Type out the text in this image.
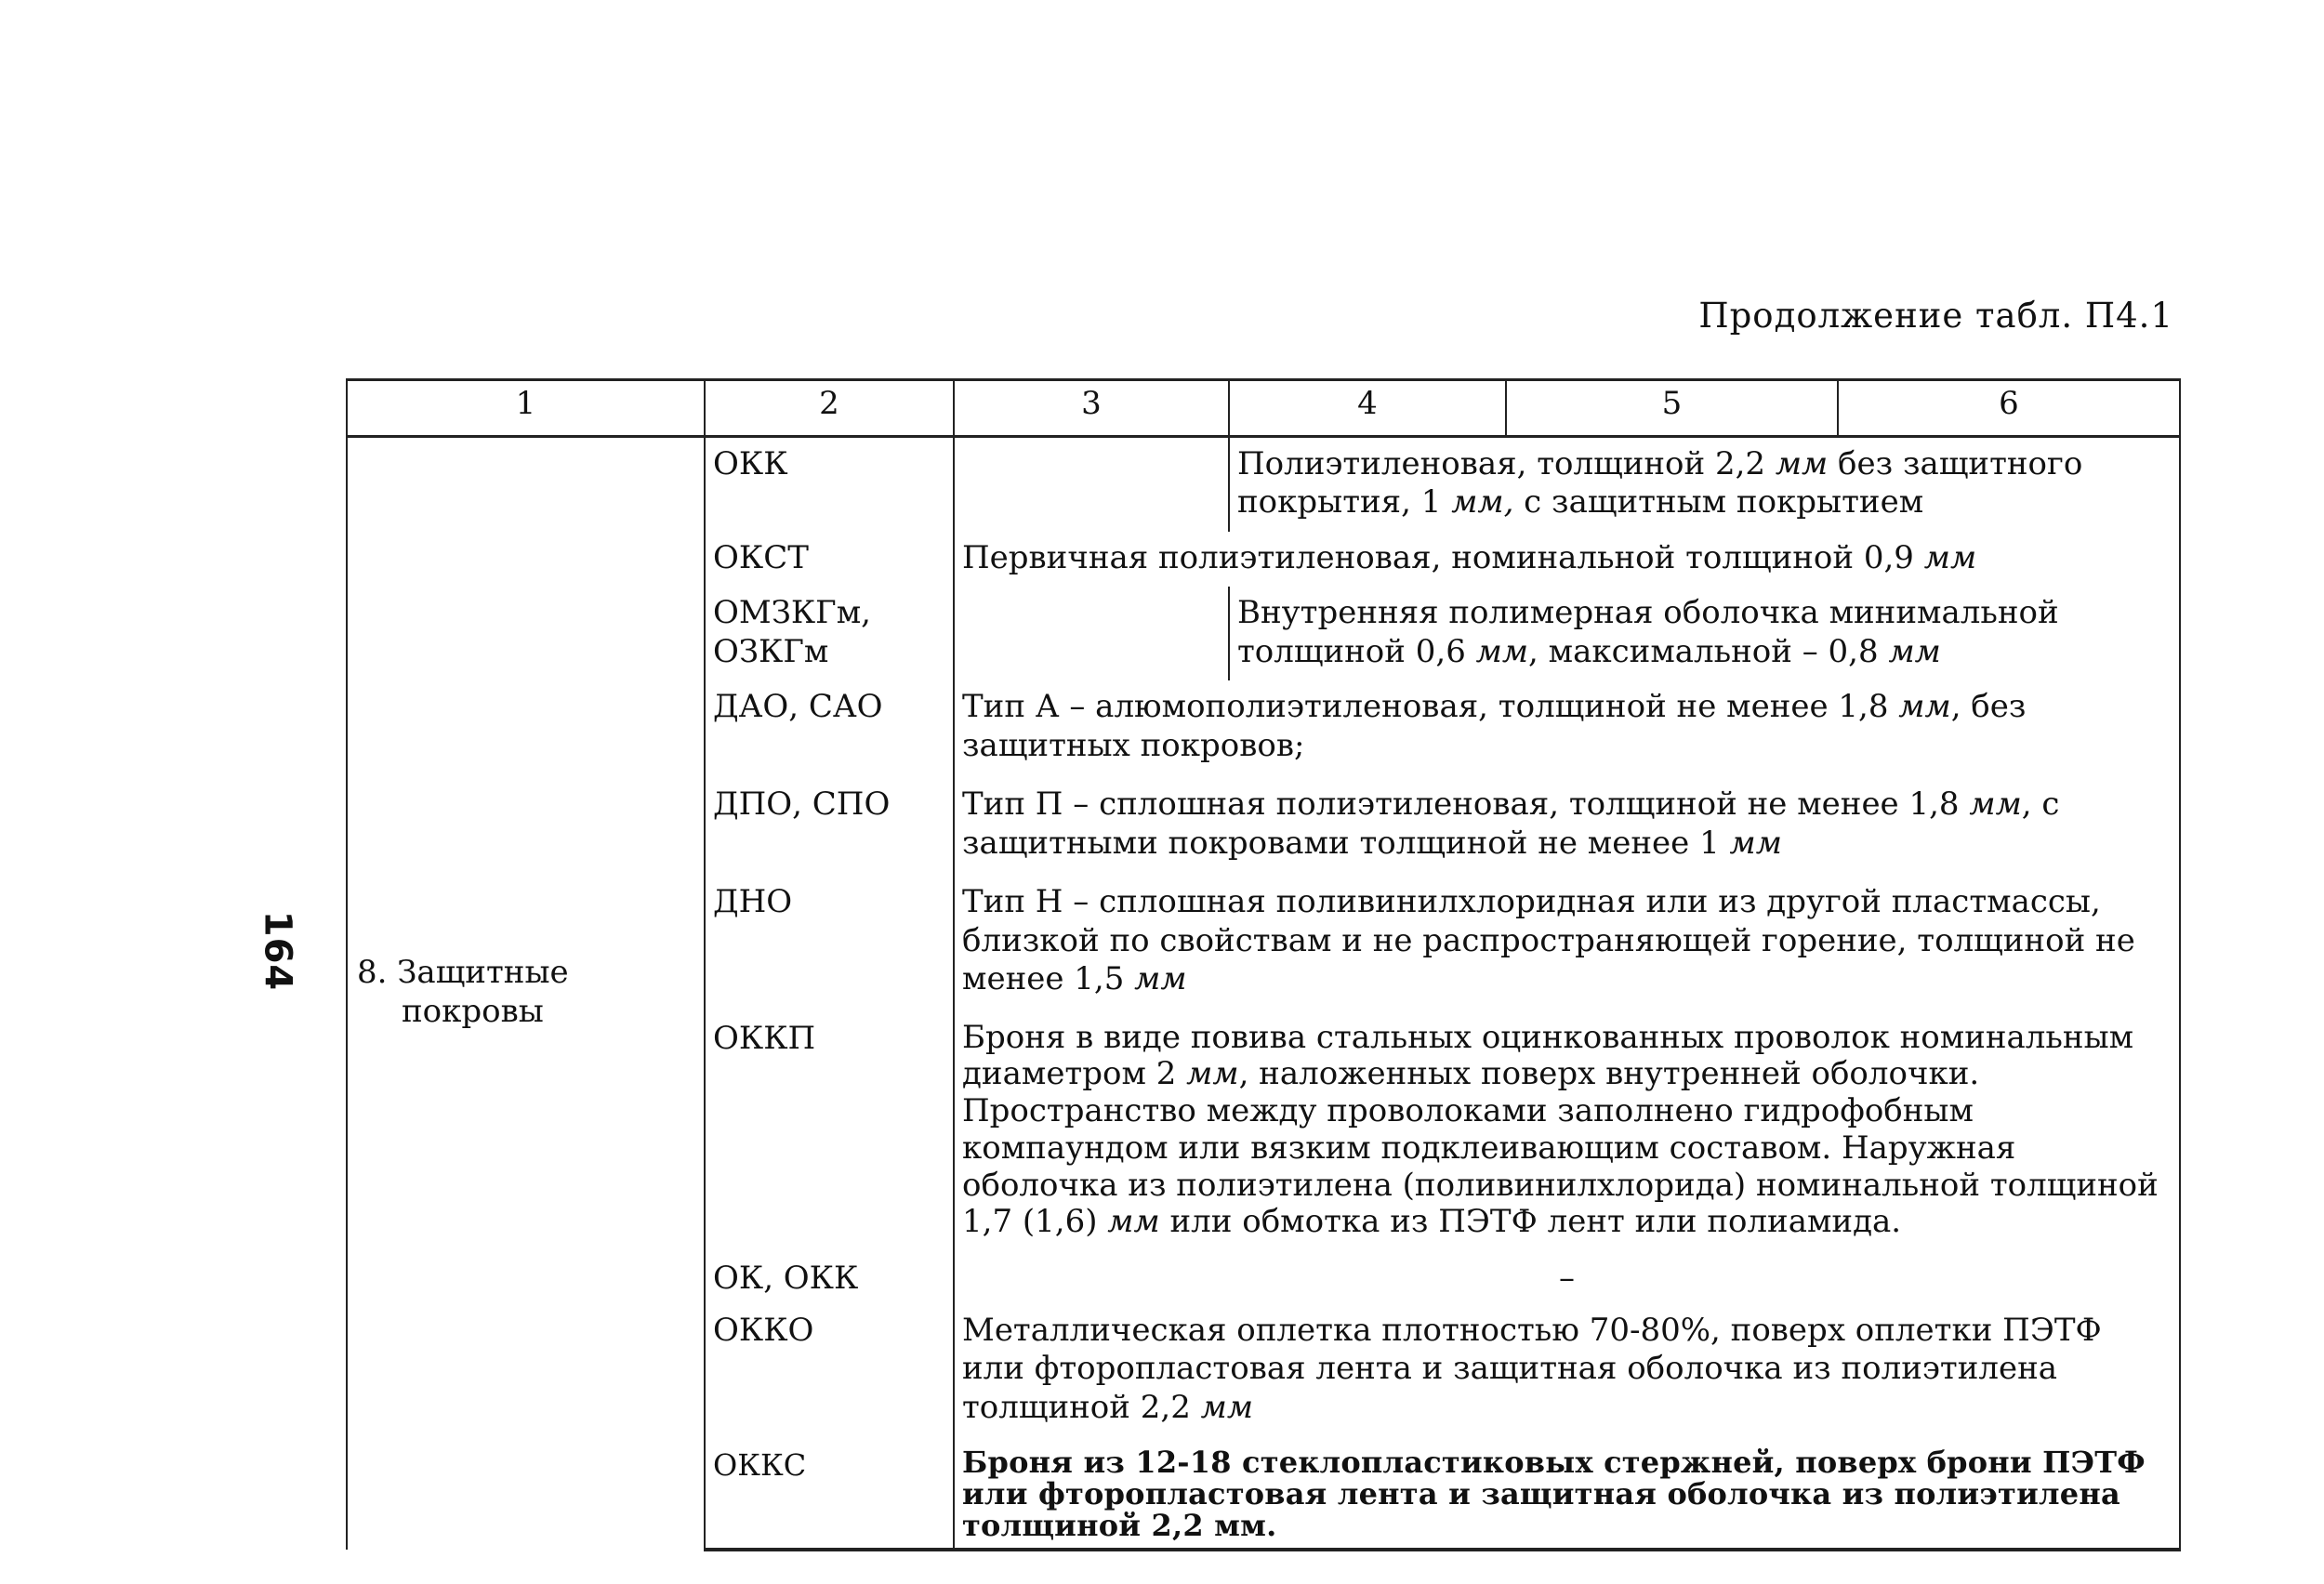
Продолжение табл. П4.1
164
1	2	3	4	5	6

8. Защитные
покровы	ОКК		Полиэтиленовая, толщиной 2,2 мм без защитного покрытия, 1 мм, с защитным покрытием		
	ОКСТ	Первичная полиэтиленовая, номинальной толщиной 0,9 мм			

	ОМЗКГм,
ОЗКГм		Внутренняя полимерная оболочка минимальной толщиной 0,6 мм, максимальной – 0,8 мм		
	ДАО, САО	Тип А – алюмополиэтиленовая, толщиной не менее 1,8 мм, без защитных покровов;			
	ДПО, СПО	Тип П – сплошная полиэтиленовая, толщиной не менее 1,8 мм, с защитными покровами толщиной не менее 1 мм			
	ДНО	Тип Н – сплошная поливинилхлоридная или из другой пластмассы, близкой по свойствам и не распространяющей горение, толщиной не менее 1,5 мм			
	ОККП	Броня в виде повива стальных оцинкованных проволок номинальным диаметром 2 мм, наложенных поверх внутренней оболочки. Пространство между проволоками заполнено гидрофобным компаундом или вязким подклеивающим составом. Наружная оболочка из полиэтилена (поливинилхлорида) номинальной толщиной 1,7 (1,6) мм или обмотка из ПЭТФ лент или полиамида.			
	ОК, ОКК	–			
	ОККО	Металлическая оплетка плотностью 70-80%, поверх оплетки ПЭТФ или фторопластовая лента и защитная оболочка из полиэтилена толщиной 2,2 мм			
	ОККС	Броня из 12-18 стеклопластиковых стержней, поверх брони ПЭТФ или фторопластовая лента и защитная оболочка из полиэтилена толщиной 2,2 мм.			
